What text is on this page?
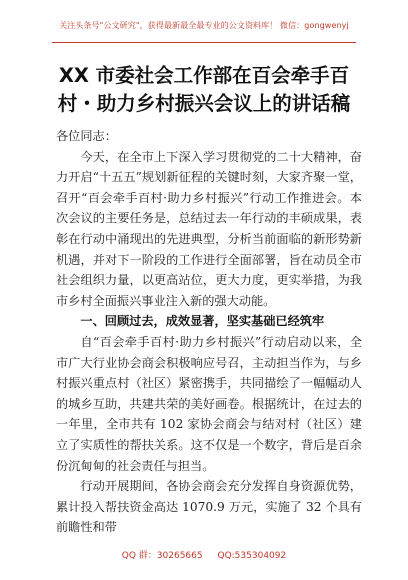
关注头条号"公文研究"，获得最新最全最专业的公文资料库！ 微信：gongwenyj
XX 市委社会工作部在百会牵手百村・助力乡村振兴会议上的讲话稿

各位同志：

今天，在全市上下深入学习贯彻党的二十大精神，奋力开启“十五五”规划新征程的关键时刻，大家齐聚一堂，召开“百会牵手百村·助力乡村振兴”行动工作推进会。本次会议的主要任务是，总结过去一年行动的丰硕成果，表彰在行动中涌现出的先进典型，分析当前面临的新形势新机遇，并对下一阶段的工作进行全面部署，旨在动员全市社会组织力量，以更高站位，更大力度，更实举措，为我市乡村全面振兴事业注入新的强大动能。

一、回顾过去，成效显著，坚实基础已经筑牢

自“百会牵手百村·助力乡村振兴”行动启动以来，全市广大行业协会商会积极响应号召，主动担当作为，与乡村振兴重点村（社区）紧密携手，共同描绘了一幅幅动人的城乡互助，共建共荣的美好画卷。根据统计，在过去的一年里，全市共有 102 家协会商会与结对村（社区）建立了实质性的帮扶关系。这不仅是一个数字，背后是百余份沉甸甸的社会责任与担当。

行动开展期间，各协会商会充分发挥自身资源优势，累计投入帮扶资金高达 1070.9 万元，实施了 32 个具有前瞻性和带

QQ 群：30265665 QQ:535304092
